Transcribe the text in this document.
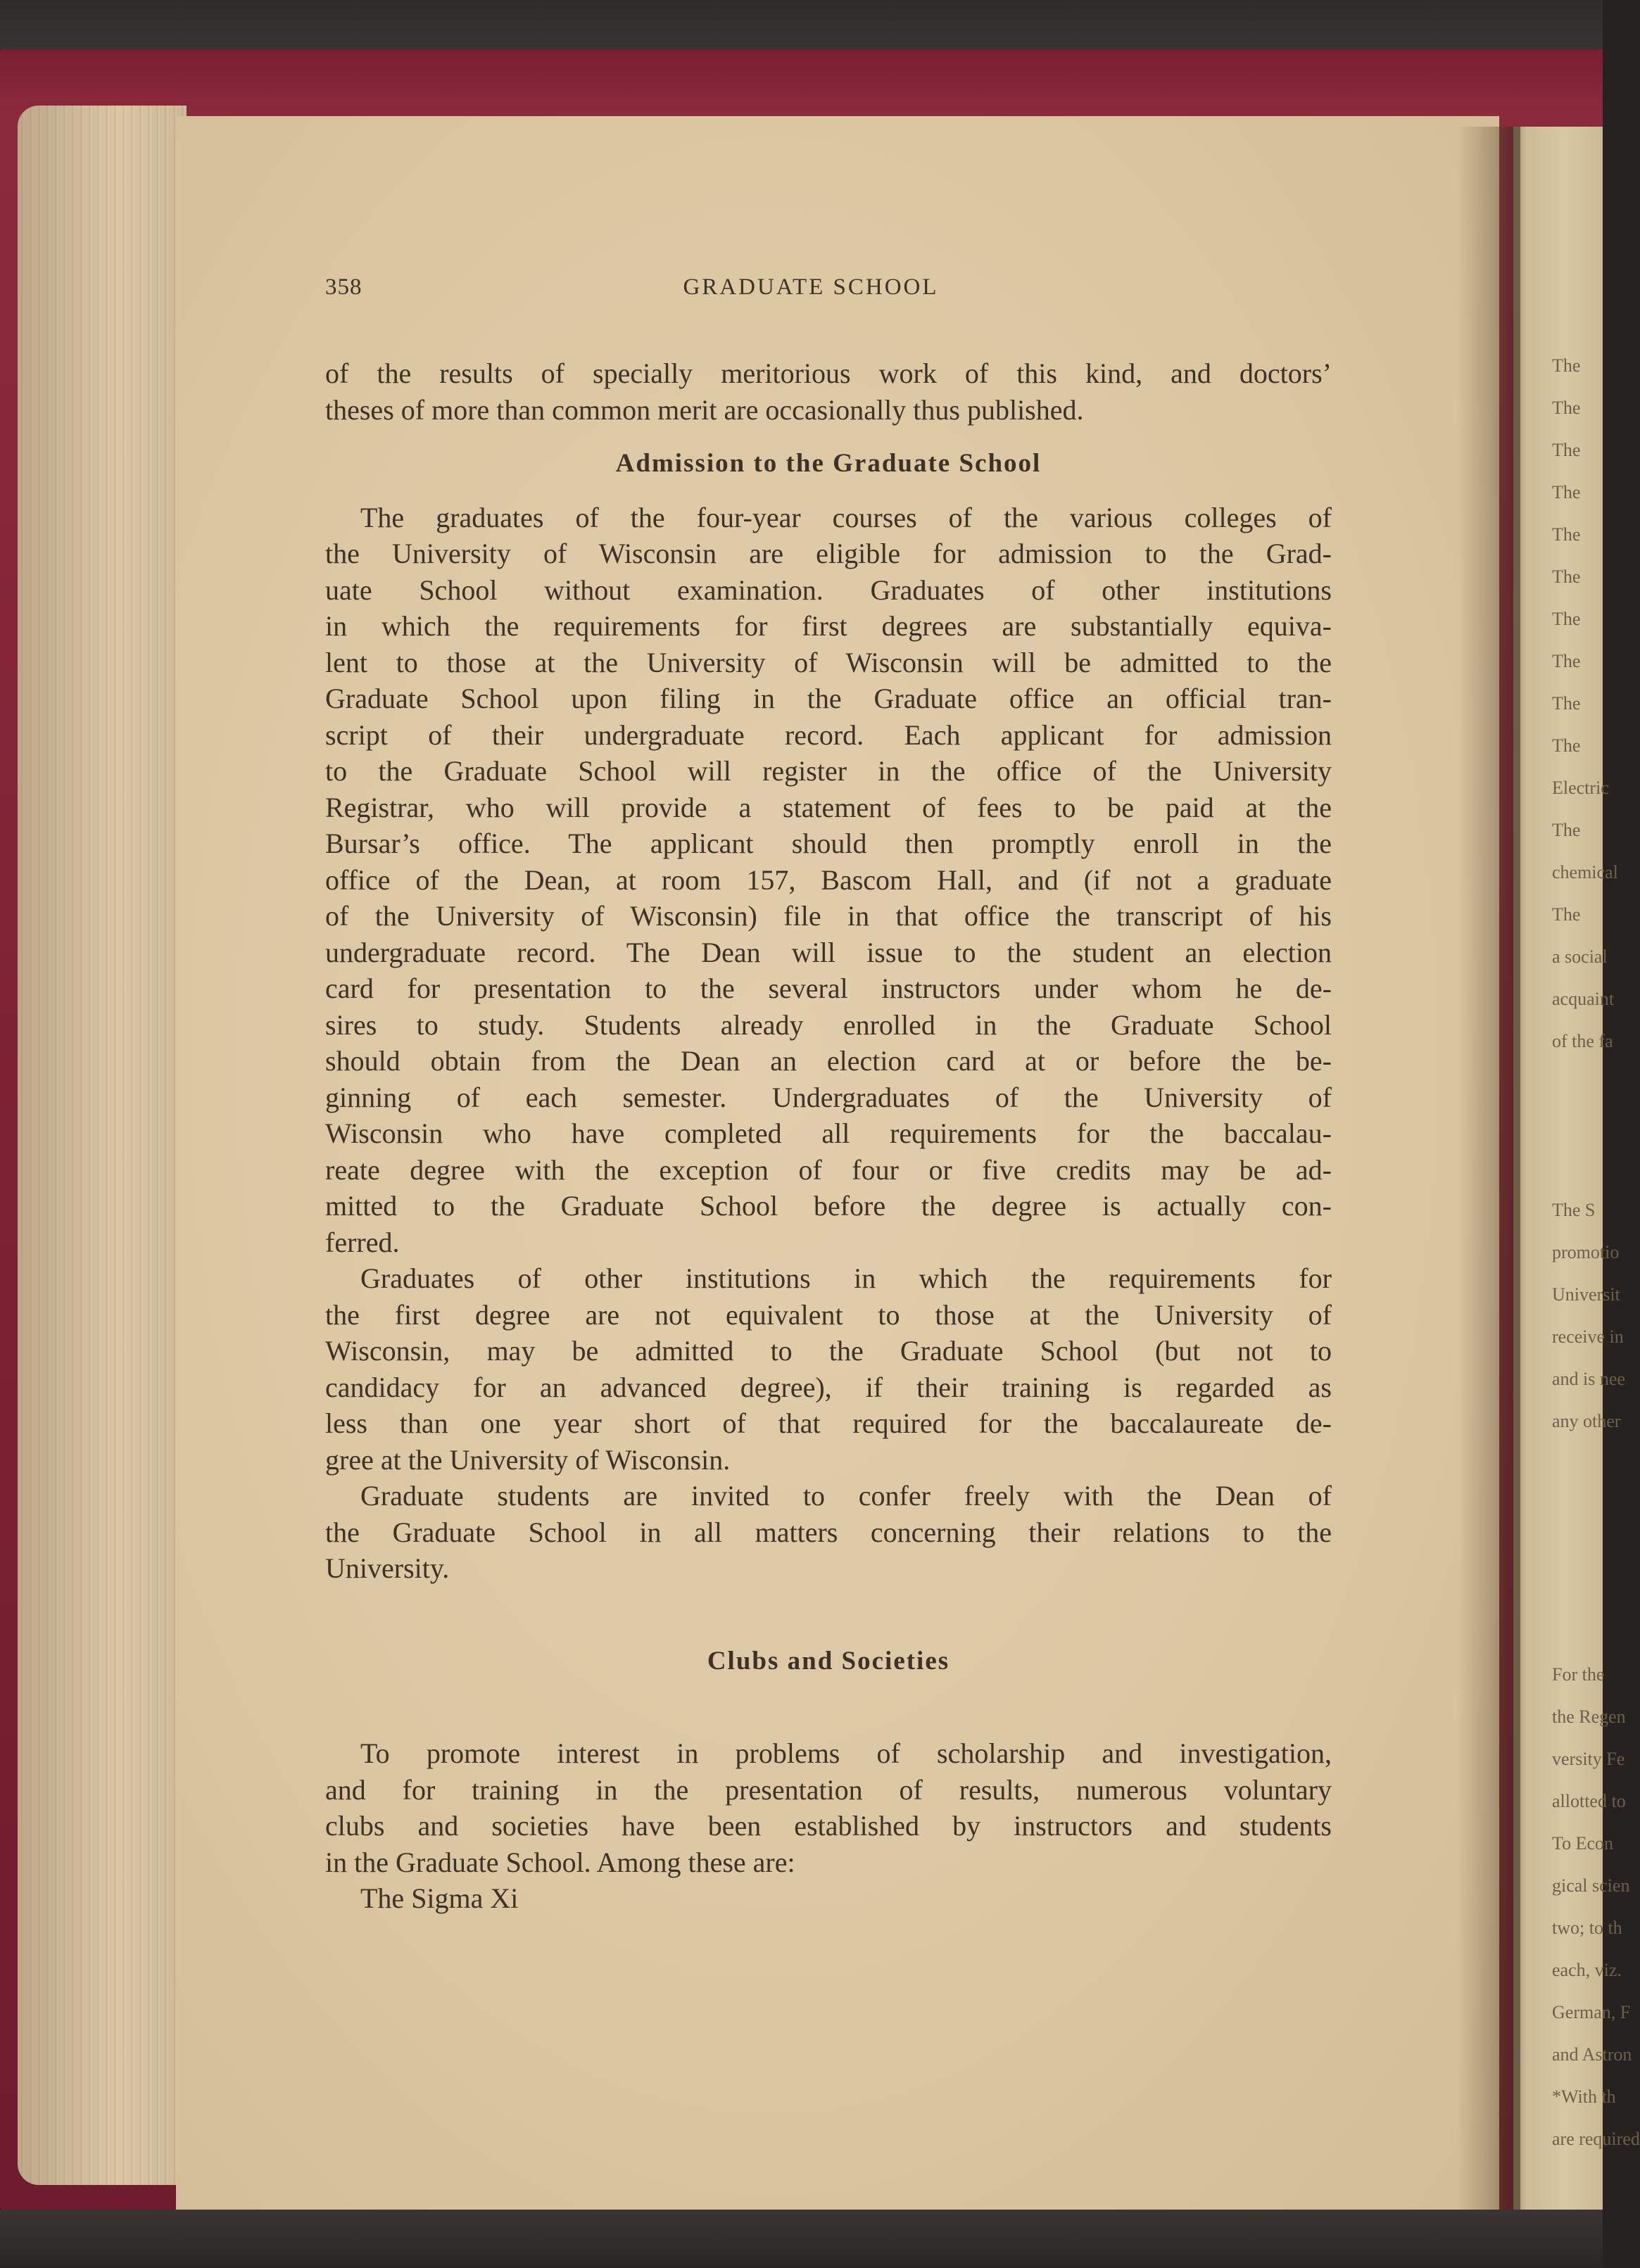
The
The
The
The
The
The
The
The
The
The
Electric
The
chemical
The
a social
acquaint
of the fa
The S
promotio
Universit
receive in
and is nee
any other
For the
the Regen
versity Fe
allotted to
To Econ
gical scien
two; to th
each, viz.
German, F
and Astron
*With th
are required
358	GRADUATE SCHOOL
of the results of specially meritorious work of this kind, and doctors’
theses of more than common merit are occasionally thus published.
Admission to the Graduate School
The graduates of the four-year courses of the various colleges of
the University of Wisconsin are eligible for admission to the Grad-
uate School without examination. Graduates of other institutions
in which the requirements for first degrees are substantially equiva-
lent to those at the University of Wisconsin will be admitted to the
Graduate School upon filing in the Graduate office an official tran-
script of their undergraduate record. Each applicant for admission
to the Graduate School will register in the office of the University
Registrar, who will provide a statement of fees to be paid at the
Bursar’s office. The applicant should then promptly enroll in the
office of the Dean, at room 157, Bascom Hall, and (if not a graduate
of the University of Wisconsin) file in that office the transcript of his
undergraduate record. The Dean will issue to the student an election
card for presentation to the several instructors under whom he de-
sires to study. Students already enrolled in the Graduate School
should obtain from the Dean an election card at or before the be-
ginning of each semester. Undergraduates of the University of
Wisconsin who have completed all requirements for the baccalau-
reate degree with the exception of four or five credits may be ad-
mitted to the Graduate School before the degree is actually con-
ferred.
Graduates of other institutions in which the requirements for
the first degree are not equivalent to those at the University of
Wisconsin, may be admitted to the Graduate School (but not to
candidacy for an advanced degree), if their training is regarded as
less than one year short of that required for the baccalaureate de-
gree at the University of Wisconsin.
Graduate students are invited to confer freely with the Dean of
the Graduate School in all matters concerning their relations to the
University.
Clubs and Societies
To promote interest in problems of scholarship and investigation,
and for training in the presentation of results, numerous voluntary
clubs and societies have been established by instructors and students
in the Graduate School. Among these are:
The Sigma Xi
